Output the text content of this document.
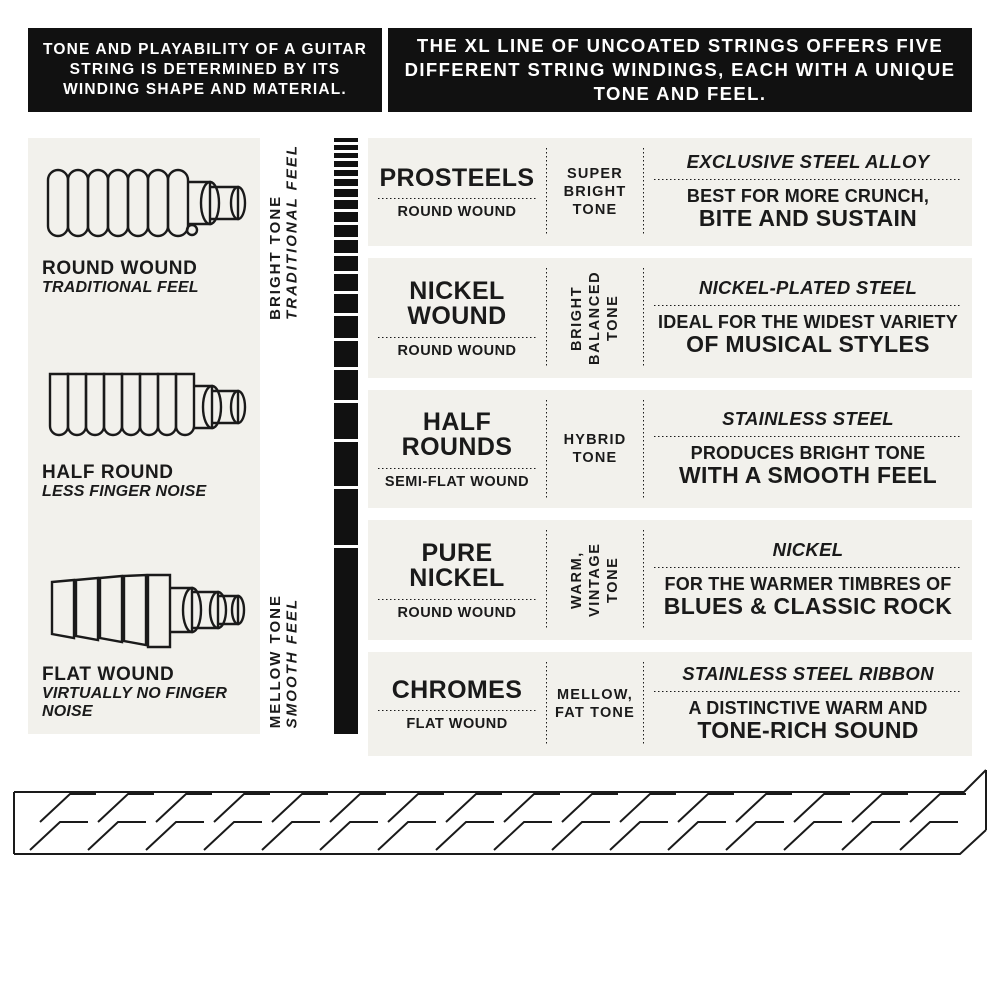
TONE AND PLAYABILITY OF A GUITAR STRING IS DETERMINED BY ITS WINDING SHAPE AND MATERIAL.
THE XL LINE OF UNCOATED STRINGS OFFERS FIVE DIFFERENT STRING WINDINGS, EACH WITH A UNIQUE TONE AND FEEL.
ROUND WOUND
TRADITIONAL FEEL
HALF ROUND
LESS FINGER NOISE
FLAT WOUND
VIRTUALLY NO FINGER NOISE
BRIGHT TONE
TRADITIONAL FEEL
MELLOW TONE
SMOOTH FEEL
PROSTEELS
ROUND WOUND
SUPER BRIGHT TONE
EXCLUSIVE STEEL ALLOY
BEST FOR MORE CRUNCH,
BITE AND SUSTAIN
NICKEL WOUND
ROUND WOUND
BRIGHT BALANCED TONE
NICKEL-PLATED STEEL
IDEAL FOR THE WIDEST VARIETY
OF MUSICAL STYLES
HALF ROUNDS
SEMI-FLAT WOUND
HYBRID TONE
STAINLESS STEEL
PRODUCES BRIGHT TONE
WITH A SMOOTH FEEL
PURE NICKEL
ROUND WOUND
WARM, VINTAGE TONE
NICKEL
FOR THE WARMER TIMBRES OF
BLUES & CLASSIC ROCK
CHROMES
FLAT WOUND
MELLOW, FAT TONE
STAINLESS STEEL RIBBON
A DISTINCTIVE WARM AND
TONE-RICH SOUND
